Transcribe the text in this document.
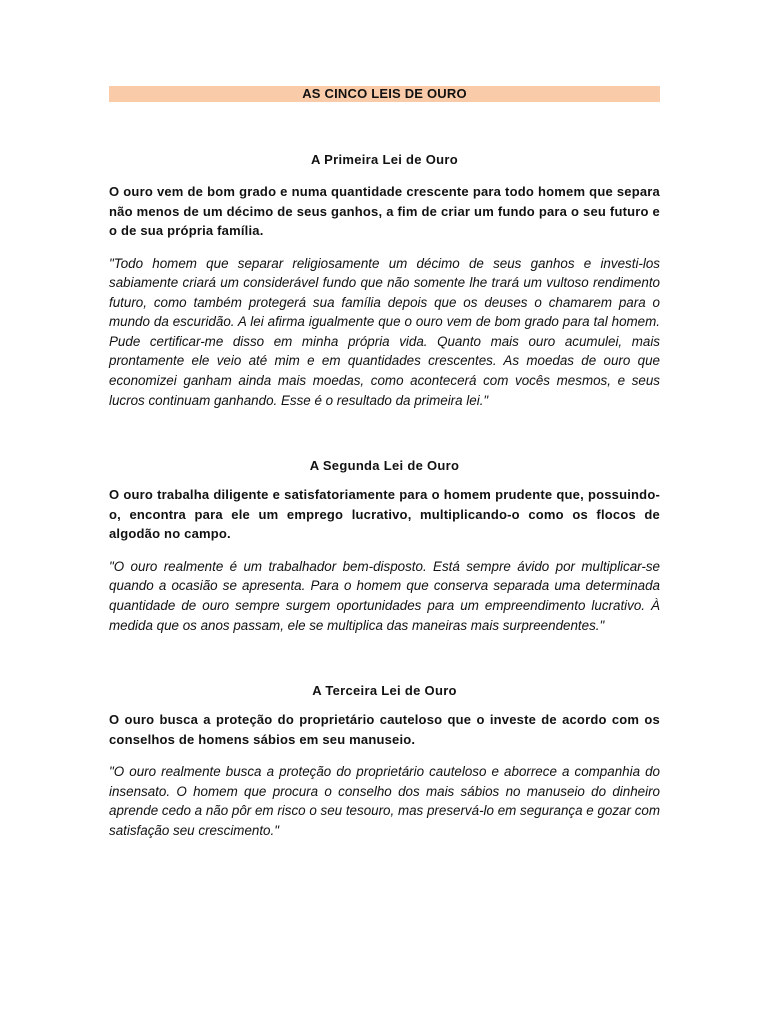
AS CINCO LEIS DE OURO
A Primeira Lei de Ouro

O ouro vem de bom grado e numa quantidade crescente para todo homem que separa não menos de um décimo de seus ganhos, a fim de criar um fundo para o seu futuro e o de sua própria família.

"Todo homem que separar religiosamente um décimo de seus ganhos e investi-los sabiamente criará um considerável fundo que não somente lhe trará um vultoso rendimento futuro, como também protegerá sua família depois que os deuses o chamarem para o mundo da escuridão. A lei afirma igualmente que o ouro vem de bom grado para tal homem. Pude certificar-me disso em minha própria vida. Quanto mais ouro acumulei, mais prontamente ele veio até mim e em quantidades crescentes. As moedas de ouro que economizei ganham ainda mais moedas, como acontecerá com vocês mesmos, e seus lucros continuam ganhando. Esse é o resultado da primeira lei."

A Segunda Lei de Ouro

O ouro trabalha diligente e satisfatoriamente para o homem prudente que, possuindo-o, encontra para ele um emprego lucrativo, multiplicando-o como os flocos de algodão no campo.

"O ouro realmente é um trabalhador bem-disposto. Está sempre ávido por multiplicar-se quando a ocasião se apresenta. Para o homem que conserva separada uma determinada quantidade de ouro sempre surgem oportunidades para um empreendimento lucrativo. À medida que os anos passam, ele se multiplica das maneiras mais surpreendentes."

A Terceira Lei de Ouro

O ouro busca a proteção do proprietário cauteloso que o investe de acordo com os conselhos de homens sábios em seu manuseio.

"O ouro realmente busca a proteção do proprietário cauteloso e aborrece a companhia do insensato. O homem que procura o conselho dos mais sábios no manuseio do dinheiro aprende cedo a não pôr em risco o seu tesouro, mas preservá-lo em segurança e gozar com satisfação seu crescimento."
